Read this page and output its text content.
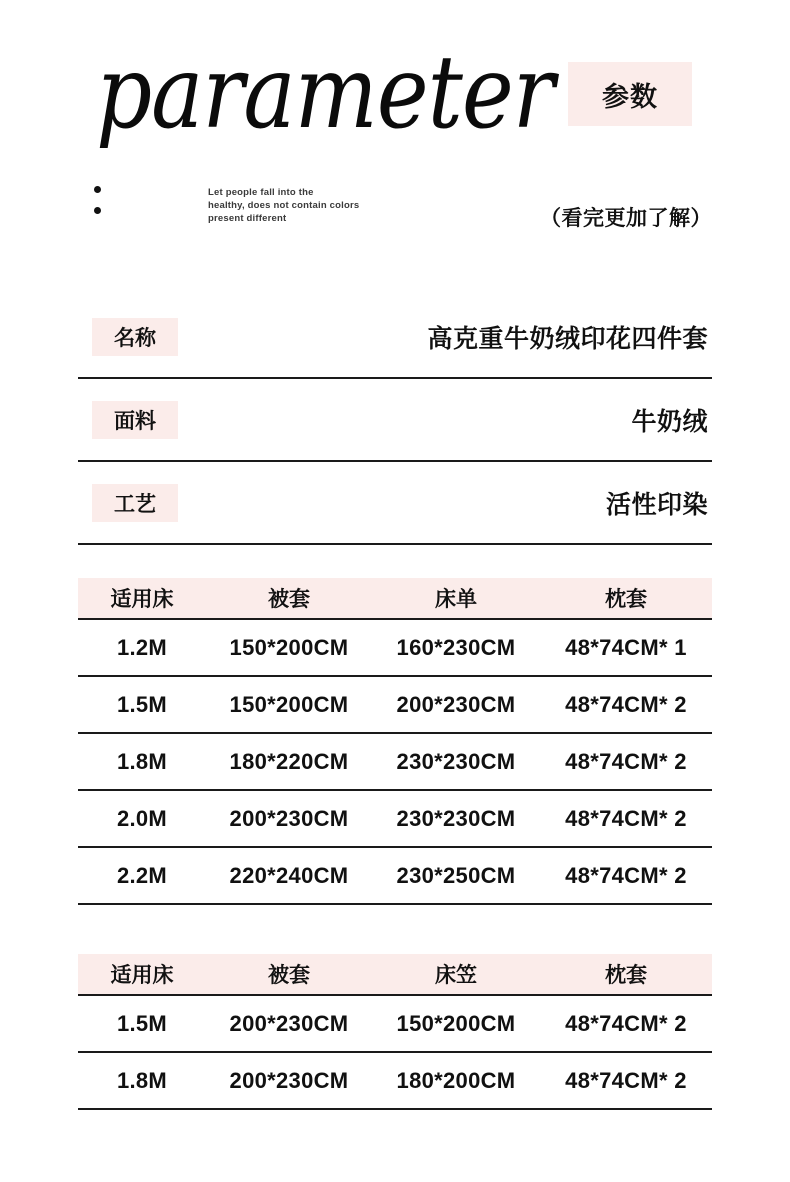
parameter	参数
Let people fall into the
healthy, does not contain colors
present different	（看完更加了解）
名称	高克重牛奶绒印花四件套
面料	牛奶绒
工艺	活性印染
适用床	被套	床单	枕套
1.2M	150*200CM	160*230CM	48*74CM* 1
1.5M	150*200CM	200*230CM	48*74CM* 2
1.8M	180*220CM	230*230CM	48*74CM* 2
2.0M	200*230CM	230*230CM	48*74CM* 2
2.2M	220*240CM	230*250CM	48*74CM* 2
适用床	被套	床笠	枕套
1.5M	200*230CM	150*200CM	48*74CM* 2
1.8M	200*230CM	180*200CM	48*74CM* 2
